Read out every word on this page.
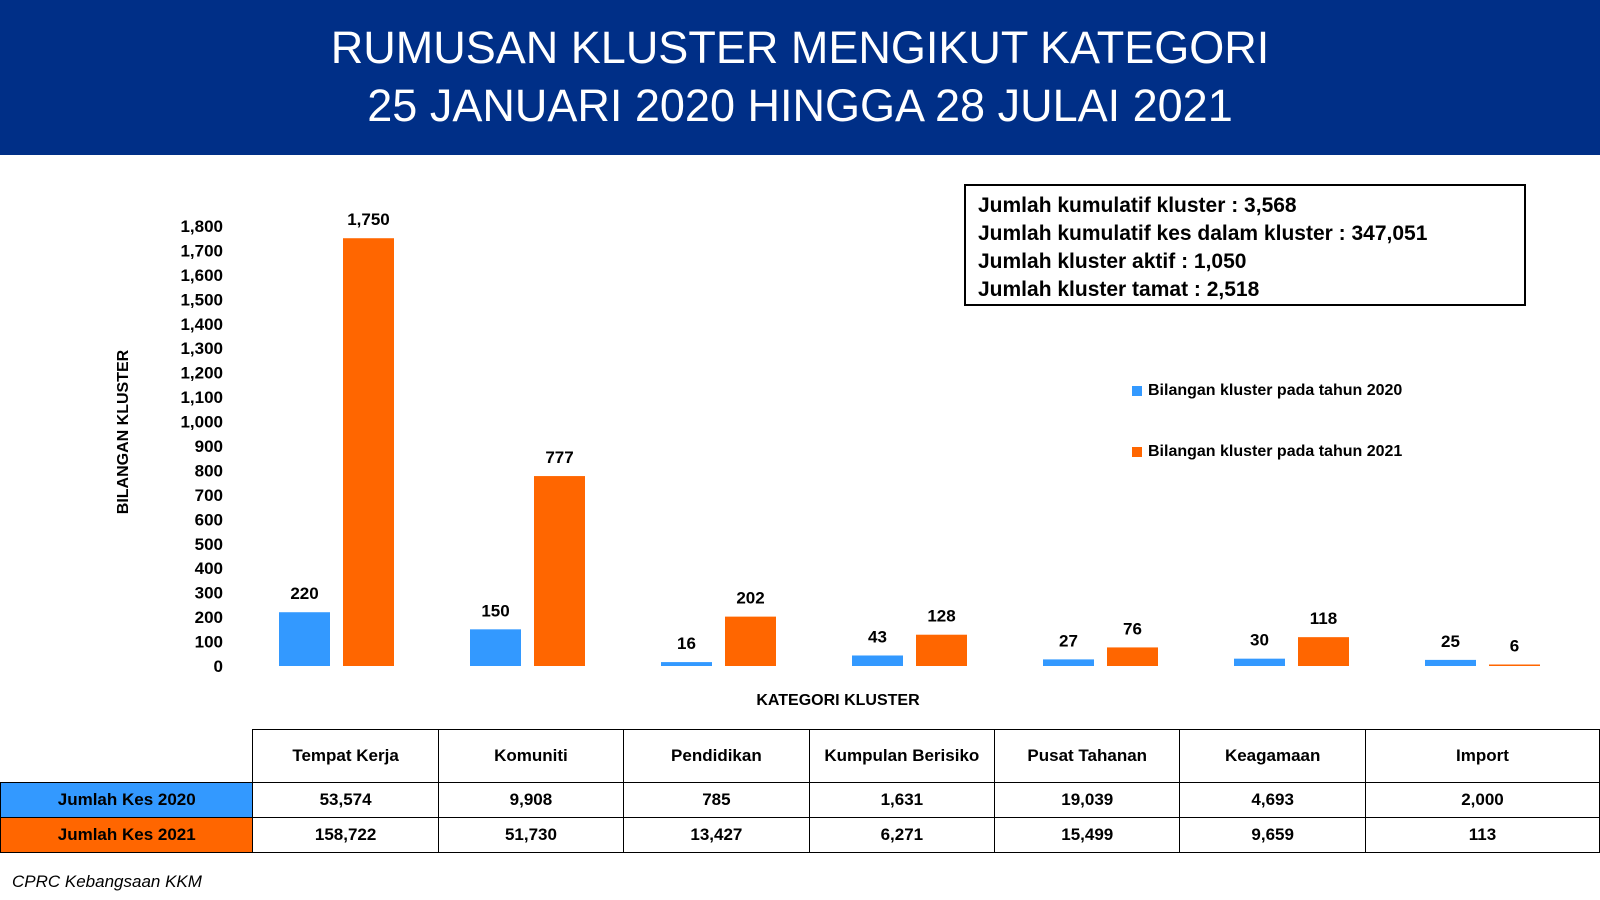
RUMUSAN KLUSTER MENGIKUT KATEGORI
25 JANUARI 2020 HINGGA 28 JULAI 2021
0
100
200
300
400
500
600
700
800
900
1,000
1,100
1,200
1,300
1,400
1,500
1,600
1,700
1,800
BILANGAN KLUSTER
KATEGORI KLUSTER
220
1,750
150
777
16
202
43
128
27
76
30
118
25	6
Jumlah kumulatif kluster : 3,568
Jumlah kumulatif kes dalam kluster : 347,051
Jumlah kluster aktif : 1,050
Jumlah kluster tamat : 2,518
Bilangan kluster pada tahun 2020
Bilangan kluster pada tahun 2021
	Tempat Kerja	Komuniti	Pendidikan	Kumpulan Berisiko	Pusat Tahanan	Keagamaan	Import
Jumlah Kes 2020	53,574	9,908	785	1,631	19,039	4,693	2,000
Jumlah Kes 2021	158,722	51,730	13,427	6,271	15,499	9,659	113
CPRC Kebangsaan KKM
